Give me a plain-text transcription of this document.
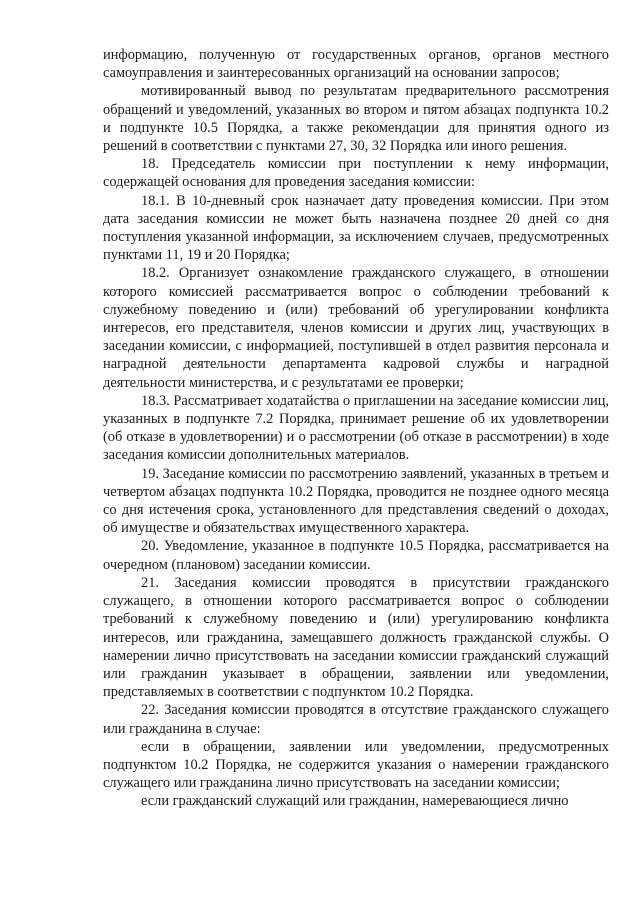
информацию, полученную от государственных органов, органов местного самоуправления и заинтересованных организаций на основании запросов;

мотивированный вывод по результатам предварительного рассмотрения обращений и уведомлений, указанных во втором и пятом абзацах подпункта 10.2 и подпункте 10.5 Порядка, а также рекомендации для принятия одного из решений в соответствии с пунктами 27, 30, 32 Порядка или иного решения.

18. Председатель комиссии при поступлении к нему информации, содержащей основания для проведения заседания комиссии:

18.1. В 10-дневный срок назначает дату проведения комиссии. При этом дата заседания комиссии не может быть назначена позднее 20 дней со дня поступления указанной информации, за исключением случаев, предусмотренных пунктами 11, 19 и 20 Порядка;

18.2. Организует ознакомление гражданского служащего, в отношении которого комиссией рассматривается вопрос о соблюдении требований к служебному поведению и (или) требований об урегулировании конфликта интересов, его представителя, членов комиссии и других лиц, участвующих в заседании комиссии, с информацией, поступившей в отдел развития персонала и наградной деятельности департамента кадровой службы и наградной деятельности министерства, и с результатами ее проверки;

18.3. Рассматривает ходатайства о приглашении на заседание комиссии лиц, указанных в подпункте 7.2 Порядка, принимает решение об их удовлетворении (об отказе в удовлетворении) и о рассмотрении (об отказе в рассмотрении) в ходе заседания комиссии дополнительных материалов.

19. Заседание комиссии по рассмотрению заявлений, указанных в третьем и четвертом абзацах подпункта 10.2 Порядка, проводится не позднее одного месяца со дня истечения срока, установленного для представления сведений о доходах, об имуществе и обязательствах имущественного характера.

20. Уведомление, указанное в подпункте 10.5 Порядка, рассматривается на очередном (плановом) заседании комиссии.

21. Заседания комиссии проводятся в присутствии гражданского служащего, в отношении которого рассматривается вопрос о соблюдении требований к служебному поведению и (или) урегулированию конфликта интересов, или гражданина, замещавшего должность гражданской службы. О намерении лично присутствовать на заседании комиссии гражданский служащий или гражданин указывает в обращении, заявлении или уведомлении, представляемых в соответствии с подпунктом 10.2 Порядка.

22. Заседания комиссии проводятся в отсутствие гражданского служащего или гражданина в случае:

если в обращении, заявлении или уведомлении, предусмотренных подпунктом 10.2 Порядка, не содержится указания о намерении гражданского служащего или гражданина лично присутствовать на заседании комиссии;

если гражданский служащий или гражданин, намеревающиеся лично
